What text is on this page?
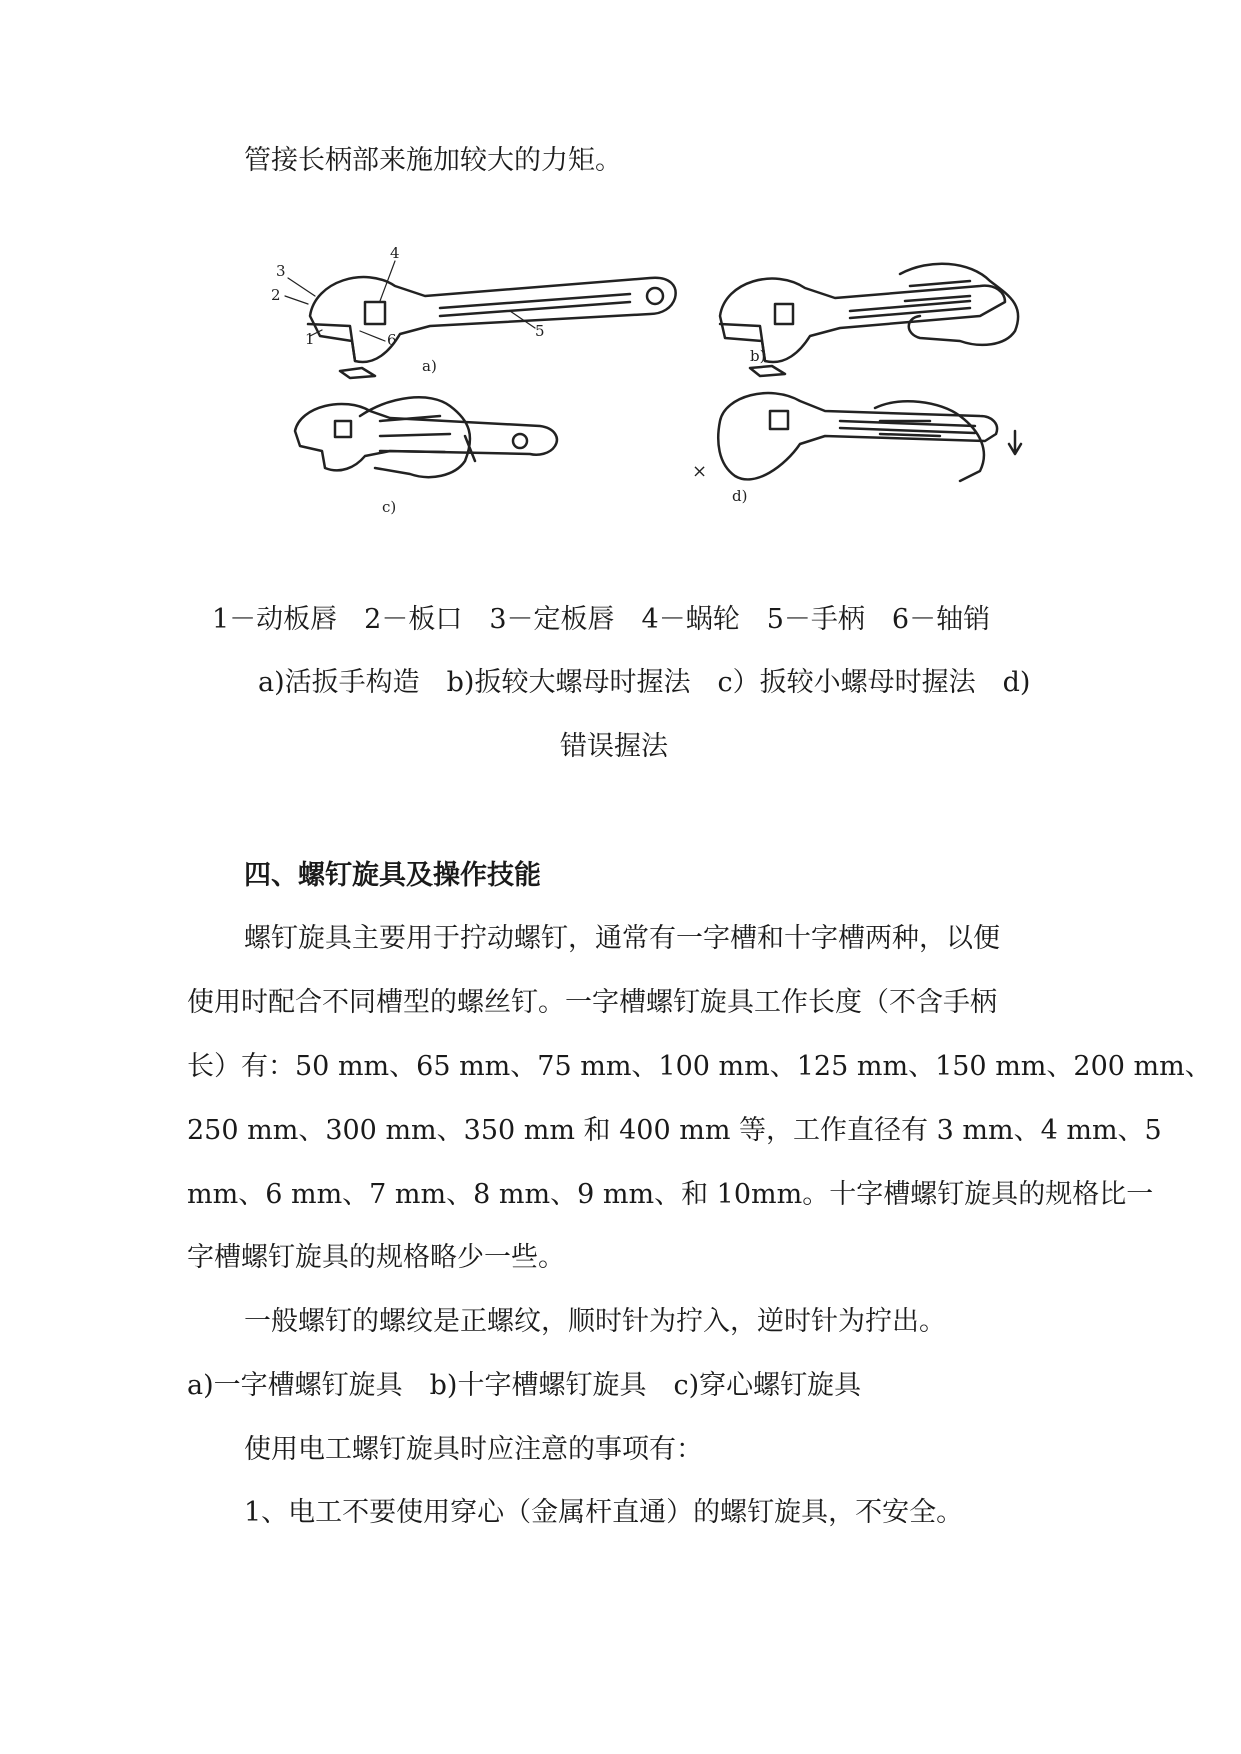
管接长柄部来施加较大的力矩。
3
2
1
4
5
6
a)
b)
c)
d)
×
1－动板唇　2－板口　3－定板唇　4－蜗轮　5－手柄　6－轴销
a)活扳手构造　b)扳较大螺母时握法　c）扳较小螺母时握法　d)
错误握法
四、螺钉旋具及操作技能
螺钉旋具主要用于拧动螺钉，通常有一字槽和十字槽两种，以便
使用时配合不同槽型的螺丝钉。一字槽螺钉旋具工作长度（不含手柄
长）有：50 mm、65 mm、75 mm、100 mm、125 mm、150 mm、200 mm、
250 mm、300 mm、350 mm 和 400 mm 等，工作直径有 3 mm、4 mm、5
mm、6 mm、7 mm、8 mm、9 mm、和 10mm。十字槽螺钉旋具的规格比一
字槽螺钉旋具的规格略少一些。
一般螺钉的螺纹是正螺纹，顺时针为拧入，逆时针为拧出。
a)一字槽螺钉旋具　b)十字槽螺钉旋具　c)穿心螺钉旋具
使用电工螺钉旋具时应注意的事项有：
1、电工不要使用穿心（金属杆直通）的螺钉旋具，不安全。
